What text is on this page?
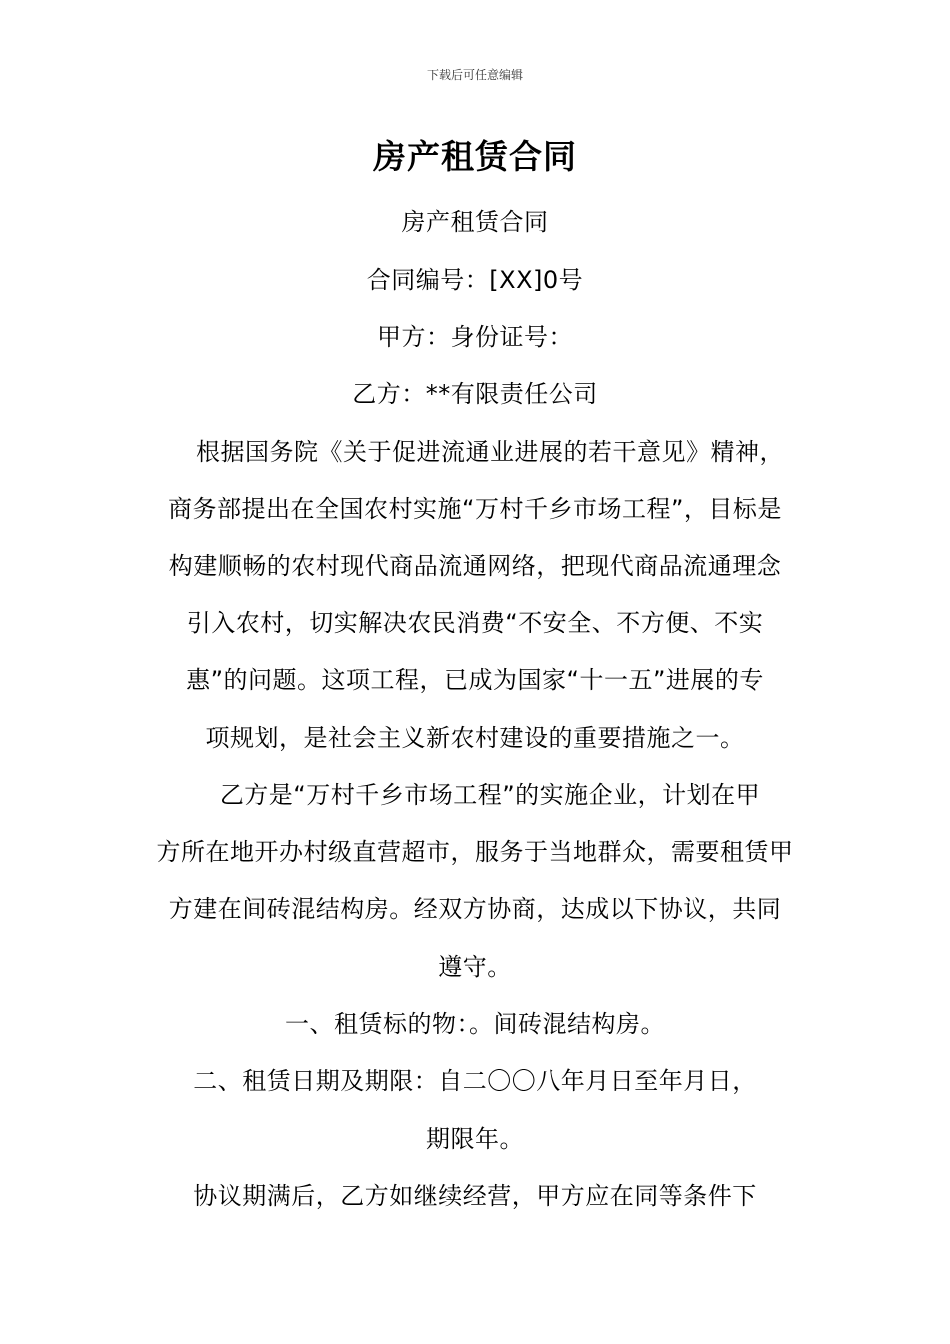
下载后可任意编辑
房产租赁合同
房产租赁合同
合同编号：[XX]0号
甲方：身份证号：
乙方：**有限责任公司
根据国务院《关于促进流通业进展的若干意见》精神，
商务部提出在全国农村实施“万村千乡市场工程”，目标是
构建顺畅的农村现代商品流通网络，把现代商品流通理念
引入农村，切实解决农民消费“不安全、不方便、不实
惠”的问题。这项工程，已成为国家“十一五”进展的专
项规划，是社会主义新农村建设的重要措施之一。
乙方是“万村千乡市场工程”的实施企业，计划在甲
方所在地开办村级直营超市，服务于当地群众，需要租赁甲
方建在间砖混结构房。经双方协商，达成以下协议，共同
遵守。
一、租赁标的物：。间砖混结构房。
二、租赁日期及期限：自二〇〇八年月日至年月日，
期限年。
协议期满后，乙方如继续经营，甲方应在同等条件下
